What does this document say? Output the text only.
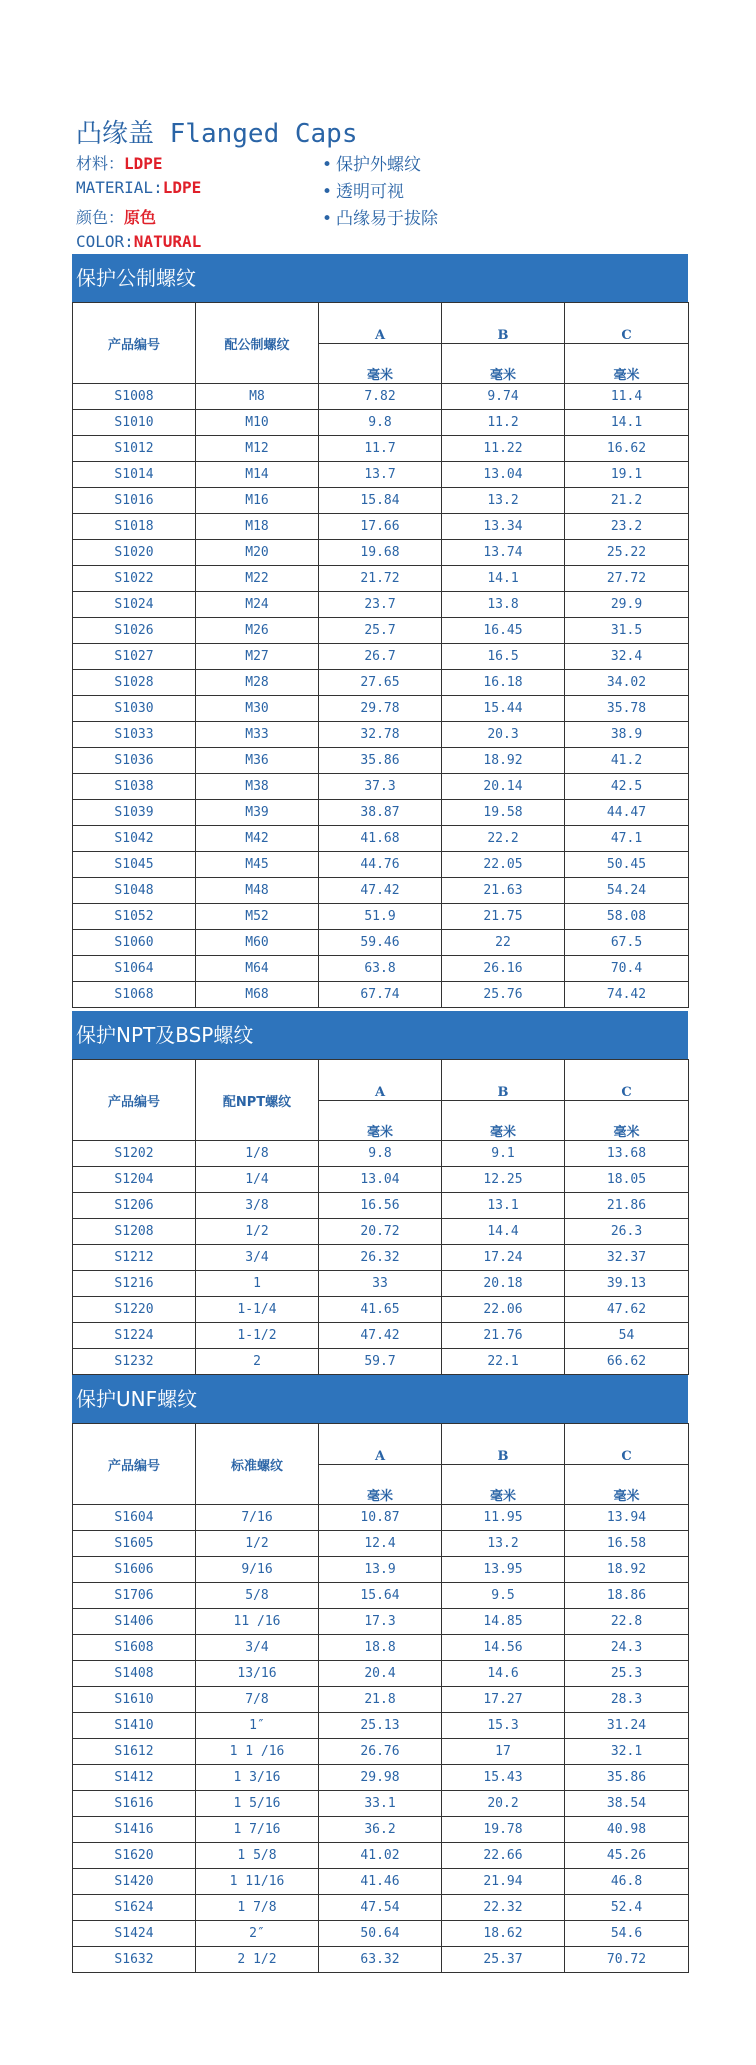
凸缘盖 Flanged Caps
材料：LDPE
MATERIAL:LDPE
颜色：原色
COLOR:NATURAL
• 保护外螺纹
• 透明可视
• 凸缘易于拔除
保护公制螺纹
产品编号	配公制螺纹	A	B	C
		毫米	毫米	毫米
S1008	M8	7.82	9.74	11.4
S1010	M10	9.8	11.2	14.1
S1012	M12	11.7	11.22	16.62
S1014	M14	13.7	13.04	19.1
S1016	M16	15.84	13.2	21.2
S1018	M18	17.66	13.34	23.2
S1020	M20	19.68	13.74	25.22
S1022	M22	21.72	14.1	27.72
S1024	M24	23.7	13.8	29.9
S1026	M26	25.7	16.45	31.5
S1027	M27	26.7	16.5	32.4
S1028	M28	27.65	16.18	34.02
S1030	M30	29.78	15.44	35.78
S1033	M33	32.78	20.3	38.9
S1036	M36	35.86	18.92	41.2
S1038	M38	37.3	20.14	42.5
S1039	M39	38.87	19.58	44.47
S1042	M42	41.68	22.2	47.1
S1045	M45	44.76	22.05	50.45
S1048	M48	47.42	21.63	54.24
S1052	M52	51.9	21.75	58.08
S1060	M60	59.46	22	67.5
S1064	M64	63.8	26.16	70.4
S1068	M68	67.74	25.76	74.42
保护NPT及BSP螺纹
产品编号	配NPT螺纹	A	B	C
		毫米	毫米	毫米
S1202	1/8	9.8	9.1	13.68
S1204	1/4	13.04	12.25	18.05
S1206	3/8	16.56	13.1	21.86
S1208	1/2	20.72	14.4	26.3
S1212	3/4	26.32	17.24	32.37
S1216	1	33	20.18	39.13
S1220	1-1/4	41.65	22.06	47.62
S1224	1-1/2	47.42	21.76	54
S1232	2	59.7	22.1	66.62
保护UNF螺纹
产品编号	标准螺纹	A	B	C
		毫米	毫米	毫米
S1604	7/16	10.87	11.95	13.94
S1605	1/2	12.4	13.2	16.58
S1606	9/16	13.9	13.95	18.92
S1706	5/8	15.64	9.5	18.86
S1406	11 /16	17.3	14.85	22.8
S1608	3/4	18.8	14.56	24.3
S1408	13/16	20.4	14.6	25.3
S1610	7/8	21.8	17.27	28.3
S1410	1″	25.13	15.3	31.24
S1612	1 1 /16	26.76	17	32.1
S1412	1 3/16	29.98	15.43	35.86
S1616	1 5/16	33.1	20.2	38.54
S1416	1 7/16	36.2	19.78	40.98
S1620	1 5/8	41.02	22.66	45.26
S1420	1 11/16	41.46	21.94	46.8
S1624	1 7/8	47.54	22.32	52.4
S1424	2″	50.64	18.62	54.6
S1632	2 1/2	63.32	25.37	70.72
